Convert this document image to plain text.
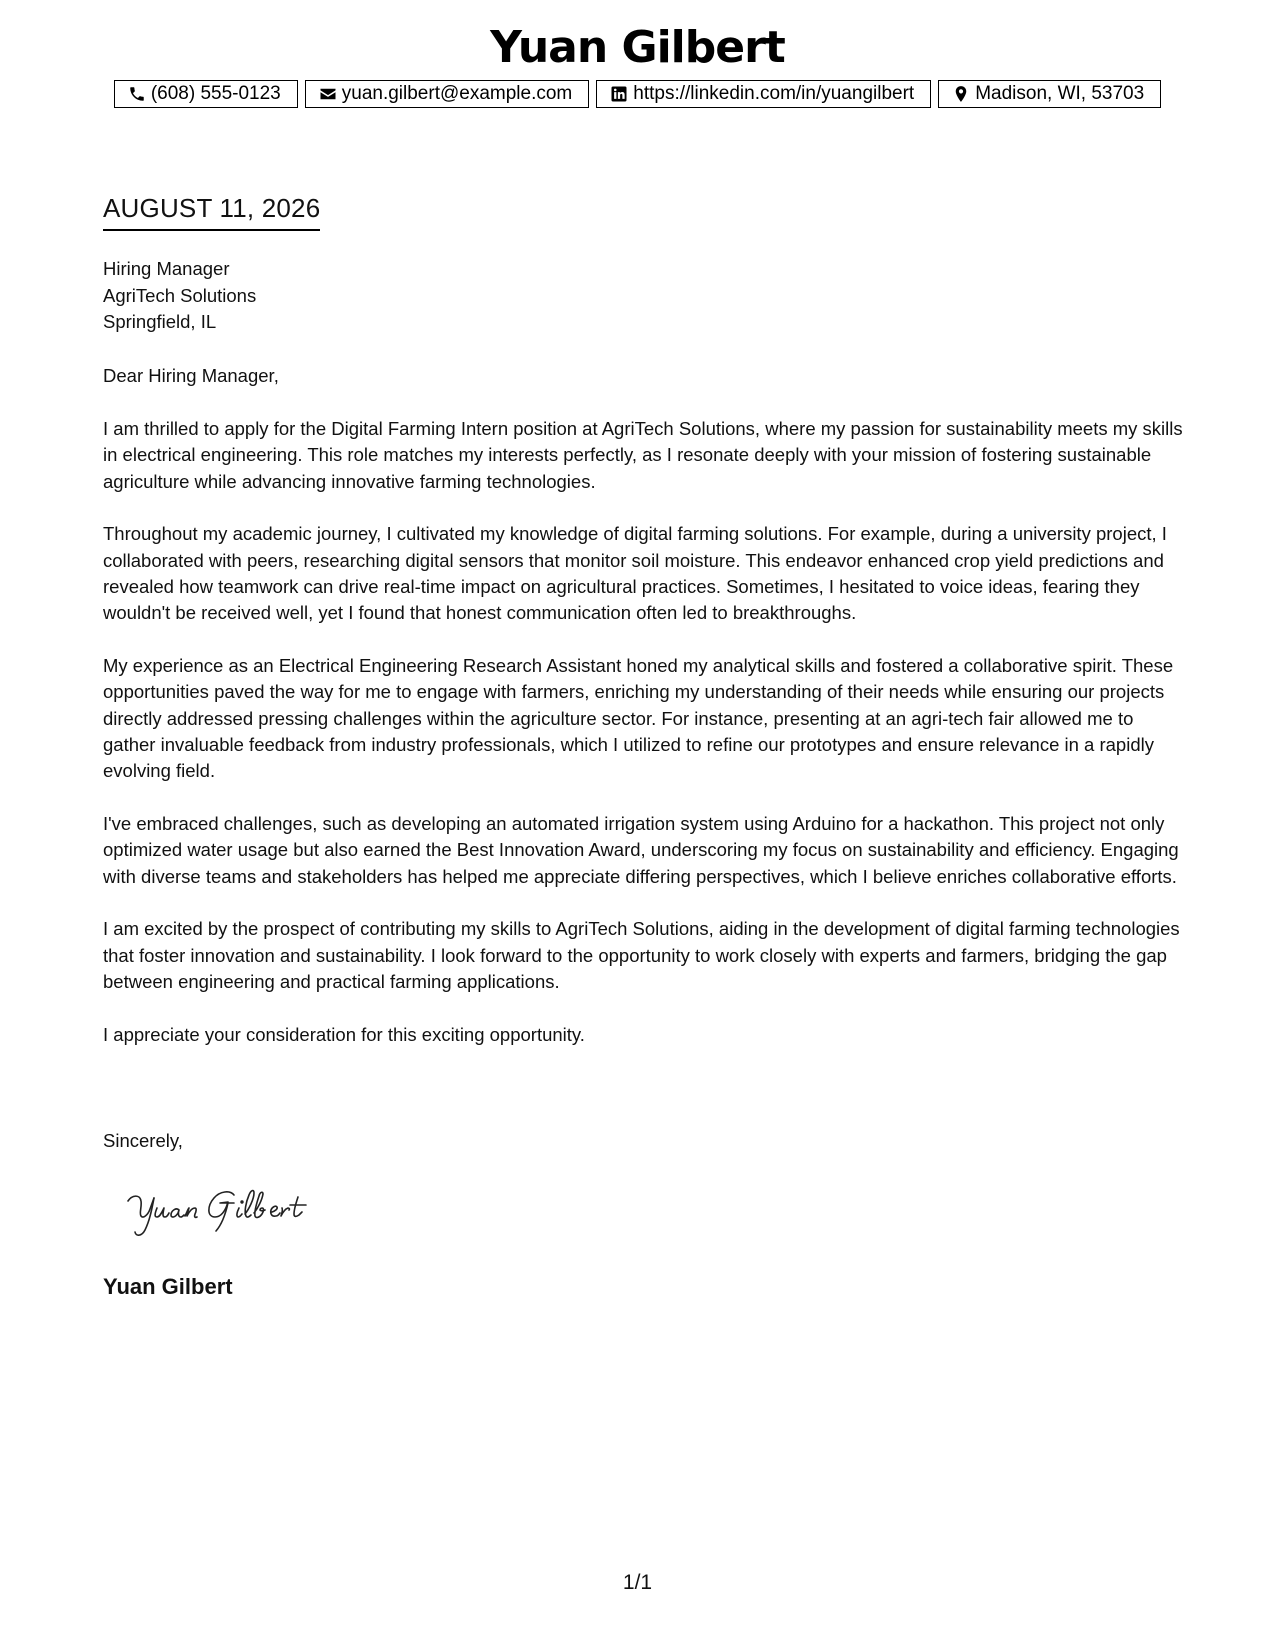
Yuan Gilbert
(608) 555-0123	yuan.gilbert@example.com	https://linkedin.com/in/yuangilbert	Madison, WI, 53703
AUGUST 11, 2026
Hiring Manager
AgriTech Solutions
Springfield, IL
Dear Hiring Manager,

I am thrilled to apply for the Digital Farming Intern position at AgriTech Solutions, where my passion for sustainability meets my skills in electrical engineering. This role matches my interests perfectly, as I resonate deeply with your mission of fostering sustainable agriculture while advancing innovative farming technologies.

Throughout my academic journey, I cultivated my knowledge of digital farming solutions. For example, during a university project, I collaborated with peers, researching digital sensors that monitor soil moisture. This endeavor enhanced crop yield predictions and revealed how teamwork can drive real-time impact on agricultural practices. Sometimes, I hesitated to voice ideas, fearing they wouldn't be received well, yet I found that honest communication often led to breakthroughs.

My experience as an Electrical Engineering Research Assistant honed my analytical skills and fostered a collaborative spirit. These opportunities paved the way for me to engage with farmers, enriching my understanding of their needs while ensuring our projects directly addressed pressing challenges within the agriculture sector. For instance, presenting at an agri-tech fair allowed me to gather invaluable feedback from industry professionals, which I utilized to refine our prototypes and ensure relevance in a rapidly evolving field.

I've embraced challenges, such as developing an automated irrigation system using Arduino for a hackathon. This project not only optimized water usage but also earned the Best Innovation Award, underscoring my focus on sustainability and efficiency. Engaging with diverse teams and stakeholders has helped me appreciate differing perspectives, which I believe enriches collaborative efforts.

I am excited by the prospect of contributing my skills to AgriTech Solutions, aiding in the development of digital farming technologies that foster innovation and sustainability. I look forward to the opportunity to work closely with experts and farmers, bridging the gap between engineering and practical farming applications.

I appreciate your consideration for this exciting opportunity.

Sincerely,
Yuan Gilbert
1/1
